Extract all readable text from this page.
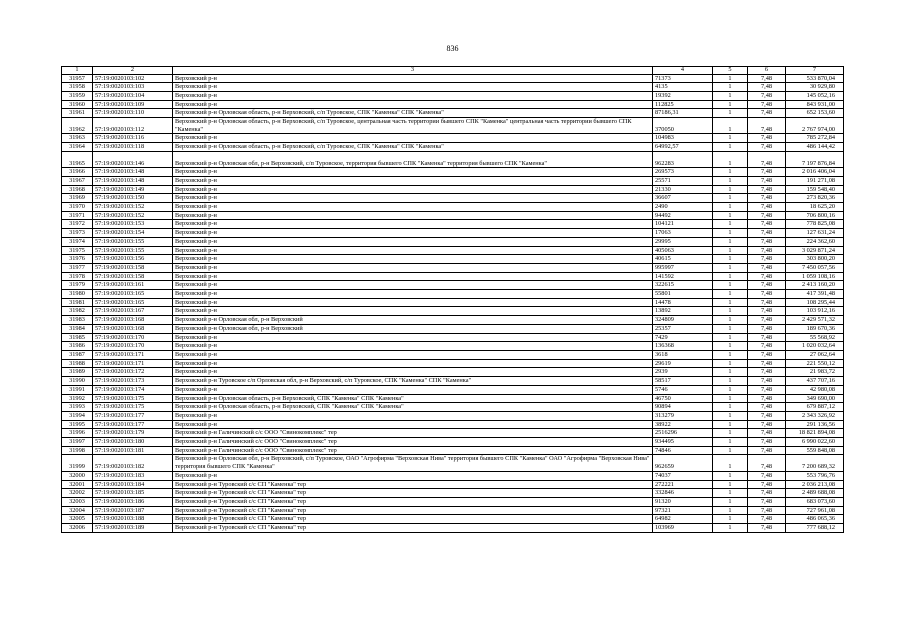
836
1	2	3	4	5	6	7
31957	57:19:0020103:102	Верховский р-н	71373	1	7,48	533 870,04
31958	57:19:0020103:103	Верховский р-н	4135	1	7,48	30 929,80
31959	57:19:0020103:104	Верховский р-н	19392	1	7,48	145 052,16
31960	57:19:0020103:109	Верховский р-н	112825	1	7,48	843 931,00
31961	57:19:0020103:110	Верховский р-н Орловская область, р-н Верховский, с/п Туровское, СПК "Каменка" СПК "Каменка"	87186,31	1	7,48	652 153,60
31962	57:19:0020103:112	Верховский р-н Орловская область, р-н Верховский, с/п Туровское, центральная часть территории бывшего СПК "Каменка" центральная часть территории бывшего СПК "Каменка"	370050	1	7,48	2 767 974,00
31963	57:19:0020103:116	Верховский р-н	104983	1	7,48	785 272,84
31964	57:19:0020103:118	Верховский р-н Орловская область, р-н Верховский, с/п Туровское, СПК "Каменка" СПК "Каменка"	64992,57	1	7,48	486 144,42
31965	57:19:0020103:146	Верховский р-н Орловская обл, р-н Верховский, с/п Туровское, территория бывшего СПК "Каменка" территория бывшего СПК "Каменка"	962283	1	7,48	7 197 876,84
31966	57:19:0020103:148	Верховский р-н	269573	1	7,48	2 016 406,04
31967	57:19:0020103:148	Верховский р-н	25571	1	7,48	191 271,08
31968	57:19:0020103:149	Верховский р-н	21330	1	7,48	159 548,40
31969	57:19:0020103:150	Верховский р-н	36607	1	7,48	273 820,36
31970	57:19:0020103:152	Верховский р-н	2490	1	7,48	18 625,20
31971	57:19:0020103:152	Верховский р-н	94492	1	7,48	706 800,16
31972	57:19:0020103:153	Верховский р-н	104121	1	7,48	778 825,08
31973	57:19:0020103:154	Верховский р-н	17063	1	7,48	127 631,24
31974	57:19:0020103:155	Верховский р-н	29995	1	7,48	224 362,60
31975	57:19:0020103:155	Верховский р-н	405063	1	7,48	3 029 871,24
31976	57:19:0020103:156	Верховский р-н	40615	1	7,48	303 800,20
31977	57:19:0020103:158	Верховский р-н	995997	1	7,48	7 450 057,56
31978	57:19:0020103:158	Верховский р-н	141592	1	7,48	1 059 108,16
31979	57:19:0020103:161	Верховский р-н	322615	1	7,48	2 413 160,20
31980	57:19:0020103:165	Верховский р-н	55801	1	7,48	417 391,48
31981	57:19:0020103:165	Верховский р-н	14478	1	7,48	108 295,44
31982	57:19:0020103:167	Верховский р-н	13892	1	7,48	103 912,16
31983	57:19:0020103:168	Верховский р-н Орловская обл, р-н Верховский	324809	1	7,48	2 429 571,32
31984	57:19:0020103:168	Верховский р-н Орловская обл, р-н Верховский	25357	1	7,48	189 670,36
31985	57:19:0020103:170	Верховский р-н	7429	1	7,48	55 568,92
31986	57:19:0020103:170	Верховский р-н	136368	1	7,48	1 020 032,64
31987	57:19:0020103:171	Верховский р-н	3618	1	7,48	27 062,64
31988	57:19:0020103:171	Верховский р-н	29619	1	7,48	221 550,12
31989	57:19:0020103:172	Верховский р-н	2939	1	7,48	21 983,72
31990	57:19:0020103:173	Верховский р-н Туровское с/п Орловская обл, р-н Верховский, с/п Туровское, СПК "Каменка" СПК "Каменка"	58517	1	7,48	437 707,16
31991	57:19:0020103:174	Верховский р-н	5746	1	7,48	42 980,08
31992	57:19:0020103:175	Верховский р-н Орловская область, р-н Верховский, СПК "Каменка" СПК "Каменка"	46750	1	7,48	349 690,00
31993	57:19:0020103:175	Верховский р-н Орловская область, р-н Верховский, СПК "Каменка" СПК "Каменка"	90894	1	7,48	679 887,12
31994	57:19:0020103:177	Верховский р-н	313279	1	7,48	2 343 326,92
31995	57:19:0020103:177	Верховский р-н	38922	1	7,48	291 136,56
31996	57:19:0020103:179	Верховский р-н Галичинский с/с ООО "Свинокомплекс" тер	2516296	1	7,48	18 821 894,08
31997	57:19:0020103:180	Верховский р-н Галичинский с/с ООО "Свинокомплекс" тер	934495	1	7,48	6 990 022,60
31998	57:19:0020103:181	Верховский р-н Галичинский с/с ООО "Свинокомплекс" тер	74846	1	7,48	559 848,08
31999	57:19:0020103:182	Верховский р-н Орловская обл, р-н Верховский, с/п Туровское, ОАО "Агрофирма "Верховская Нива" территория бывшего СПК "Каменка" ОАО "Агрофирма "Верховская Нива" территория бывшего СПК "Каменка"	962659	1	7,48	7 200 689,32
32000	57:19:0020103:183	Верховский р-н	74037	1	7,48	553 796,76
32001	57:19:0020103:184	Верховский р-н Туровский с/с СП "Каменка" тер	272221	1	7,48	2 036 213,08
32002	57:19:0020103:185	Верховский р-н Туровский с/с СП "Каменка" тер	332846	1	7,48	2 489 688,08
32003	57:19:0020103:186	Верховский р-н Туровский с/с СП "Каменка" тер	91320	1	7,48	683 073,60
32004	57:19:0020103:187	Верховский р-н Туровский с/с СП "Каменка" тер	97321	1	7,48	727 961,08
32005	57:19:0020103:188	Верховский р-н Туровский с/с СП "Каменка" тер	64982	1	7,48	486 065,36
32006	57:19:0020103:189	Верховский р-н Туровский с/с СП "Каменка" тер	103969	1	7,48	777 688,12
